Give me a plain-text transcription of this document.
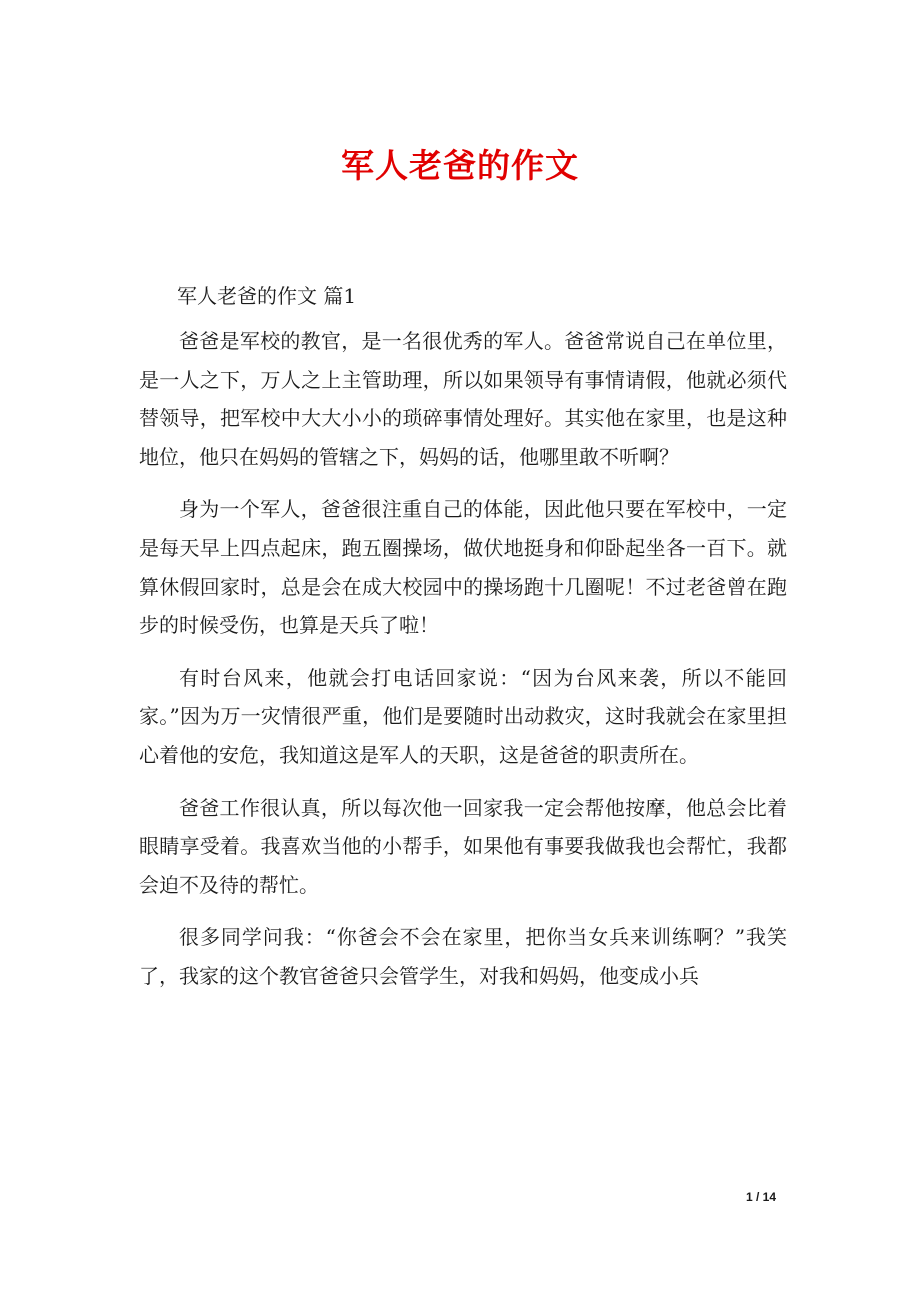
军人老爸的作文

军人老爸的作文 篇1

爸爸是军校的教官，是一名很优秀的军人。爸爸常说自己在单位里，是一人之下，万人之上主管助理，所以如果领导有事情请假，他就必须代替领导，把军校中大大小小的琐碎事情处理好。其实他在家里，也是这种地位，他只在妈妈的管辖之下，妈妈的话，他哪里敢不听啊？

身为一个军人，爸爸很注重自己的体能，因此他只要在军校中，一定是每天早上四点起床，跑五圈操场，做伏地挺身和仰卧起坐各一百下。就算休假回家时，总是会在成大校园中的操场跑十几圈呢！不过老爸曾在跑步的时候受伤，也算是天兵了啦！

有时台风来，他就会打电话回家说：“因为台风来袭，所以不能回家。”因为万一灾情很严重，他们是要随时出动救灾，这时我就会在家里担心着他的安危，我知道这是军人的天职，这是爸爸的职责所在。

爸爸工作很认真，所以每次他一回家我一定会帮他按摩，他总会比着眼睛享受着。我喜欢当他的小帮手，如果他有事要我做我也会帮忙，我都会迫不及待的帮忙。

很多同学问我：“你爸会不会在家里，把你当女兵来训练啊？”我笑了，我家的这个教官爸爸只会管学生，对我和妈妈，他变成小兵

1 / 14
